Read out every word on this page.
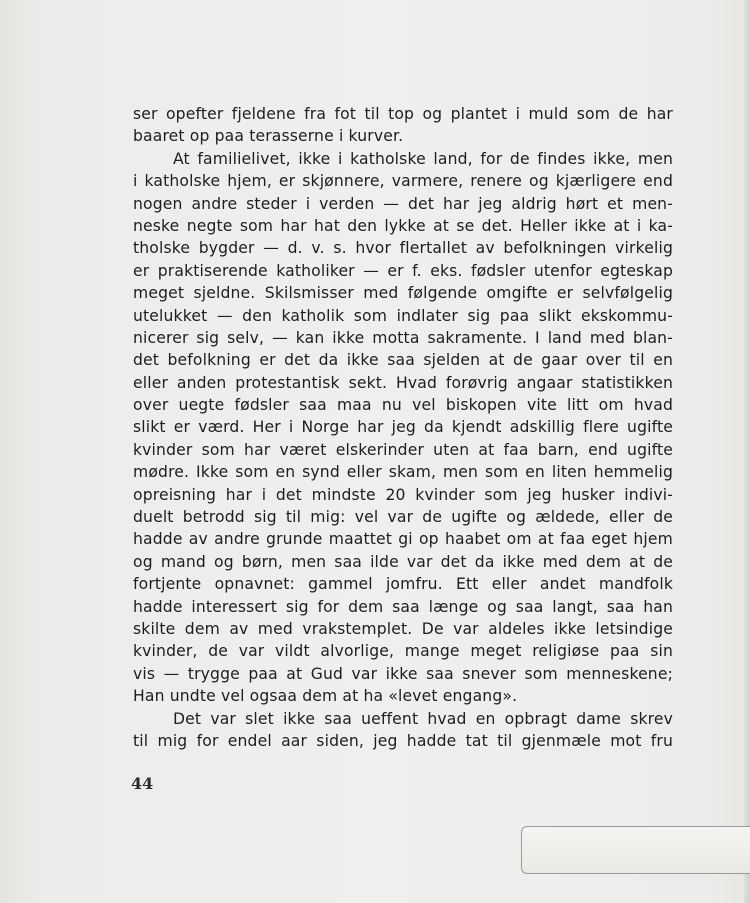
ser opefter fjeldene fra fot til top og plantet i muld som de har
baaret op paa terasserne i kurver.
At familielivet, ikke i katholske land, for de findes ikke, men
i katholske hjem, er skjønnere, varmere, renere og kjærligere end
nogen andre steder i verden — det har jeg aldrig hørt et men-
neske negte som har hat den lykke at se det. Heller ikke at i ka-
tholske bygder — d. v. s. hvor flertallet av befolkningen virkelig
er praktiserende katholiker — er f. eks. fødsler utenfor egteskap
meget sjeldne. Skilsmisser med følgende omgifte er selvfølgelig
utelukket — den katholik som indlater sig paa slikt ekskommu-
nicerer sig selv, — kan ikke motta sakramente. I land med blan-
det befolkning er det da ikke saa sjelden at de gaar over til en
eller anden protestantisk sekt. Hvad forøvrig angaar statistikken
over uegte fødsler saa maa nu vel biskopen vite litt om hvad
slikt er værd. Her i Norge har jeg da kjendt adskillig flere ugifte
kvinder som har været elskerinder uten at faa barn, end ugifte
mødre. Ikke som en synd eller skam, men som en liten hemmelig
opreisning har i det mindste 20 kvinder som jeg husker indivi-
duelt betrodd sig til mig: vel var de ugifte og ældede, eller de
hadde av andre grunde maattet gi op haabet om at faa eget hjem
og mand og børn, men saa ilde var det da ikke med dem at de
fortjente opnavnet: gammel jomfru. Ett eller andet mandfolk
hadde interessert sig for dem saa længe og saa langt, saa han
skilte dem av med vrakstemplet. De var aldeles ikke letsindige
kvinder, de var vildt alvorlige, mange meget religiøse paa sin
vis — trygge paa at Gud var ikke saa snever som menneskene;
Han undte vel ogsaa dem at ha «levet engang».
Det var slet ikke saa ueffent hvad en opbragt dame skrev
til mig for endel aar siden, jeg hadde tat til gjenmæle mot fru
44
